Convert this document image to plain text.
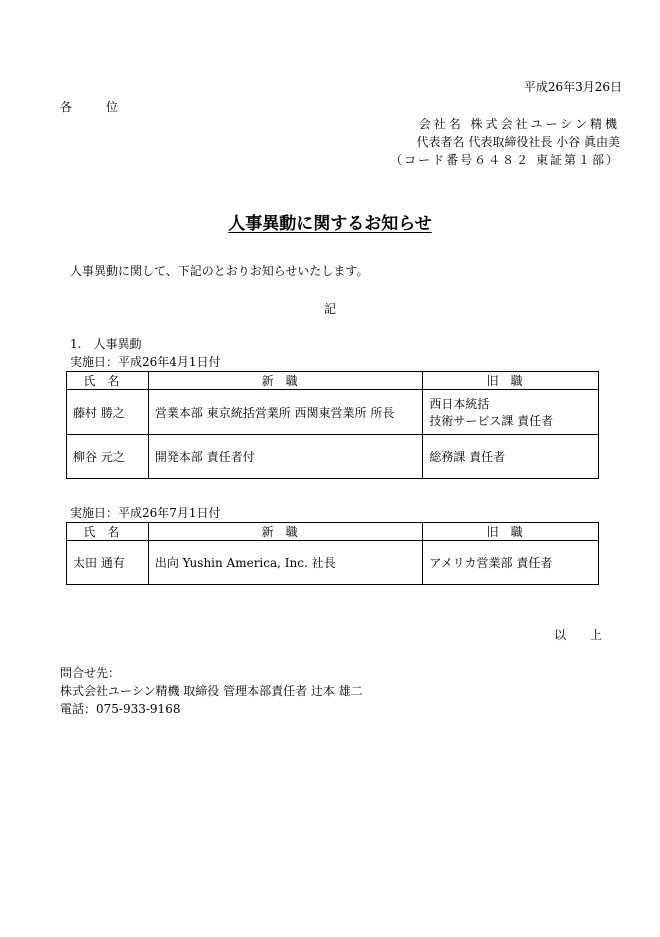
平成26年3月26日
各 位
会社名 株式会社ユーシン精機
代表者名 代表取締役社長 小谷 眞由美
（コード番号６４８２ 東証第１部）
人事異動に関するお知らせ
人事異動に関して、下記のとおりお知らせいたします。
記
1.　人事異動
実施日：平成26年4月1日付
氏名	新職	旧職
藤村 勝之	営業本部 東京統括営業所 西関東営業所 所長	西日本統括
技術サービス課 責任者

柳谷 元之	開発本部 責任者付	総務課 責任者
実施日：平成26年7月1日付
氏名	新職	旧職
太田 通有	出向 Yushin America, Inc. 社長	アメリカ営業部 責任者
以 上
問合せ先：
株式会社ユーシン精機 取締役 管理本部責任者 辻本 雄二
電話：075-933-9168
